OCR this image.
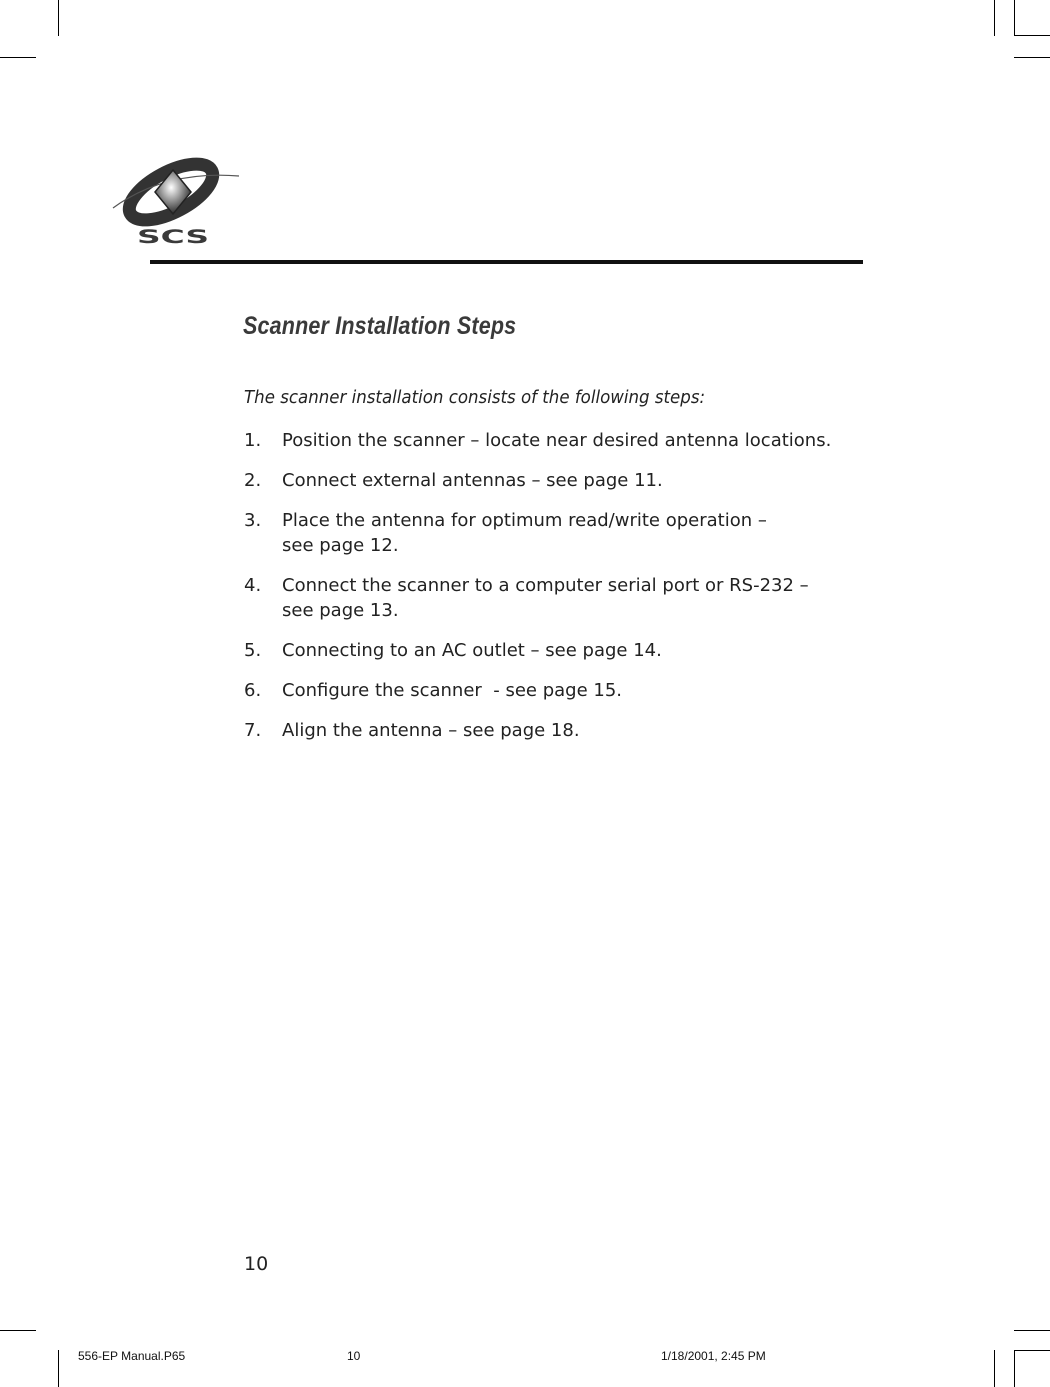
SCS
Scanner Installation Steps

The scanner installation consists of the following steps:

1. Position the scanner – locate near desired antenna locations.
2. Connect external antennas – see page 11.
3. Place the antenna for optimum read/write operation –
see page 12.
4. Connect the scanner to a computer serial port or RS-232 –
see page 13.
5. Connecting to an AC outlet – see page 14.
6. Configure the scanner  - see page 15.
7. Align the antenna – see page 18.
10
556-EP Manual.P65	10	1/18/2001, 2:45 PM
